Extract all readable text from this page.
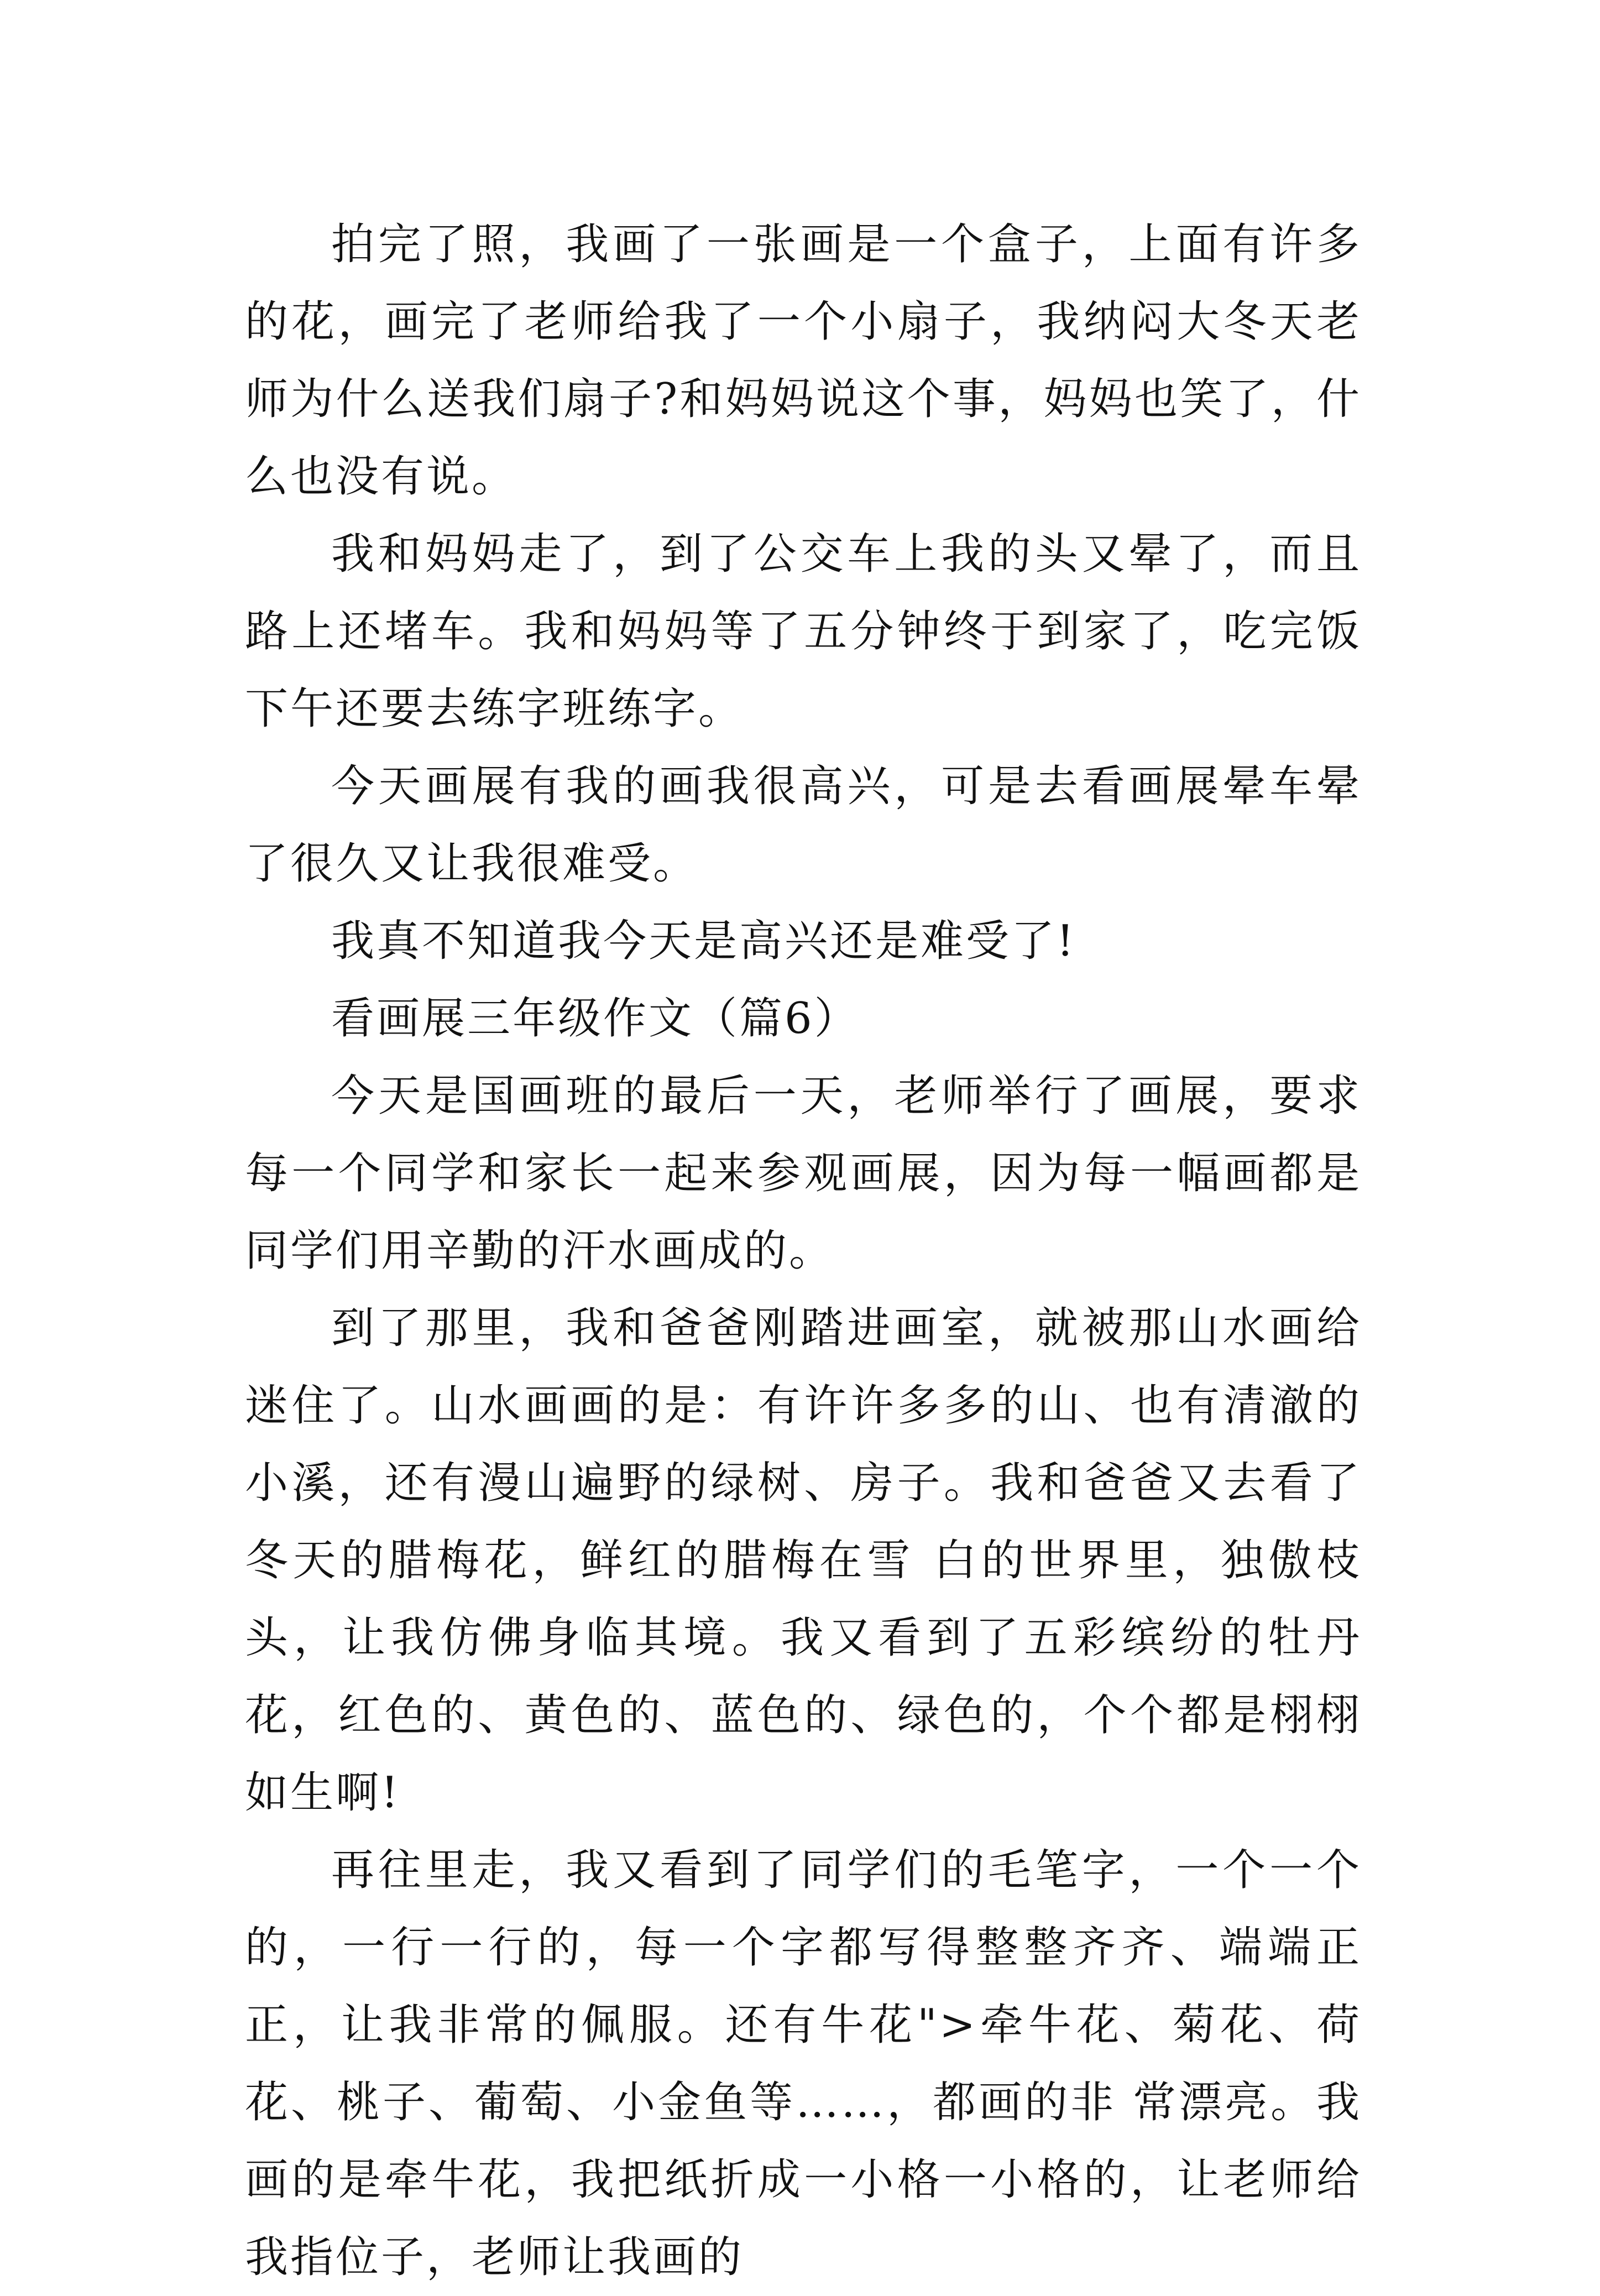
拍完了照，我画了一张画是一个盒子，上面有许多的花，画完了老师给我了一个小扇子，我纳闷大冬天老师为什么送我们扇子?和妈妈说这个事，妈妈也笑了，什么也没有说。

我和妈妈走了，到了公交车上我的头又晕了，而且路上还堵车。我和妈妈等了五分钟终于到家了，吃完饭下午还要去练字班练字。

今天画展有我的画我很高兴，可是去看画展晕车晕了很久又让我很难受。

我真不知道我今天是高兴还是难受了!

看画展三年级作文（篇6）

今天是国画班的最后一天，老师举行了画展，要求每一个同学和家长一起来参观画展，因为每一幅画都是同学们用辛勤的汗水画成的。

到了那里，我和爸爸刚踏进画室，就被那山水画给迷住了。山水画画的是：有许许多多的山、也有清澈的小溪，还有漫山遍野的绿树、房子。我和爸爸又去看了冬天的腊梅花，鲜红的腊梅在雪 白的世界里，独傲枝头，让我仿佛身临其境。我又看到了五彩缤纷的牡丹花，红色的、黄色的、蓝色的、绿色的，个个都是栩栩如生啊!

再往里走，我又看到了同学们的毛笔字，一个一个的，一行一行的，每一个字都写得整整齐齐、端端正正，让我非常的佩服。还有牛花">牵牛花、菊花、荷花、桃子、葡萄、小金鱼等……，都画的非 常漂亮。我画的是牵牛花，我把纸折成一小格一小格的，让老师给我指位子，老师让我画的
